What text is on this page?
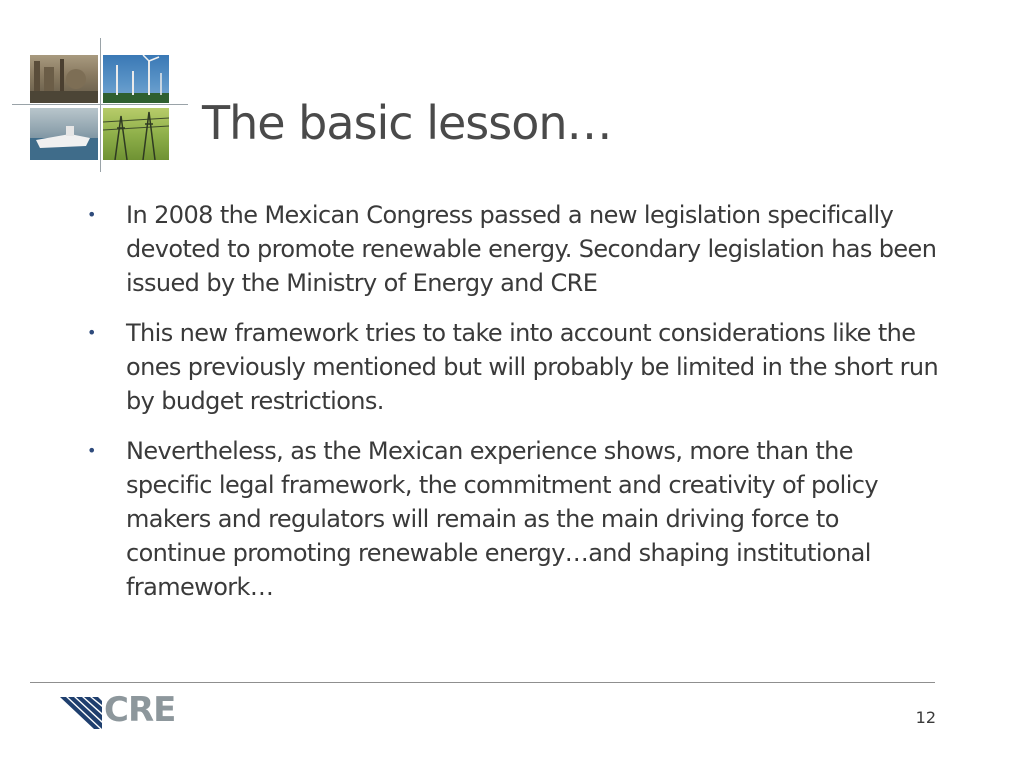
The basic lesson…
• In 2008 the Mexican Congress passed a new legislation specifically devoted to promote renewable energy. Secondary legislation has been issued by the Ministry of Energy and CRE
• This new framework tries to take into account considerations like the ones previously mentioned but will probably be limited in the short run by budget restrictions.
• Nevertheless, as the Mexican experience shows, more than the specific legal framework, the commitment and creativity of policy makers and regulators will remain as the main driving force to continue promoting renewable energy…and shaping institutional framework…
CRE	12
